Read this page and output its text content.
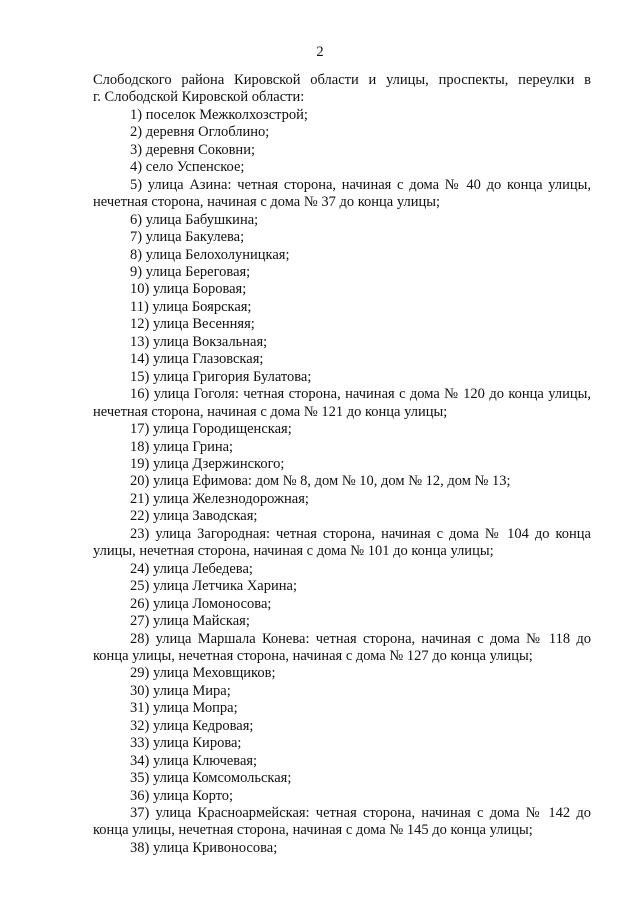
2

Слободского района Кировской области и улицы, проспекты, переулки в

г. Слободской Кировской области:

1) поселок Межколхозстрой;

2) деревня Оглоблино;

3) деревня Соковни;

4) село Успенское;

5) улица Азина: четная сторона, начиная с дома № 40 до конца улицы, нечетная сторона, начиная с дома № 37 до конца улицы;

6) улица Бабушкина;

7) улица Бакулева;

8) улица Белохолуницкая;

9) улица Береговая;

10) улица Боровая;

11) улица Боярская;

12) улица Весенняя;

13) улица Вокзальная;

14) улица Глазовская;

15) улица Григория Булатова;

16) улица Гоголя: четная сторона, начиная с дома № 120 до конца улицы, нечетная сторона, начиная с дома № 121 до конца улицы;

17) улица Городищенская;

18) улица Грина;

19) улица Дзержинского;

20) улица Ефимова: дом № 8, дом № 10, дом № 12, дом № 13;

21) улица Железнодорожная;

22) улица Заводская;

23) улица Загородная: четная сторона, начиная с дома № 104 до конца улицы, нечетная сторона, начиная с дома № 101 до конца улицы;

24) улица Лебедева;

25) улица Летчика Харина;

26) улица Ломоносова;

27) улица Майская;

28) улица Маршала Конева: четная сторона, начиная с дома № 118 до конца улицы, нечетная сторона, начиная с дома № 127 до конца улицы;

29) улица Меховщиков;

30) улица Мира;

31) улица Мопра;

32) улица Кедровая;

33) улица Кирова;

34) улица Ключевая;

35) улица Комсомольская;

36) улица Корто;

37) улица Красноармейская: четная сторона, начиная с дома № 142 до конца улицы, нечетная сторона, начиная с дома № 145 до конца улицы;

38) улица Кривоносова;
